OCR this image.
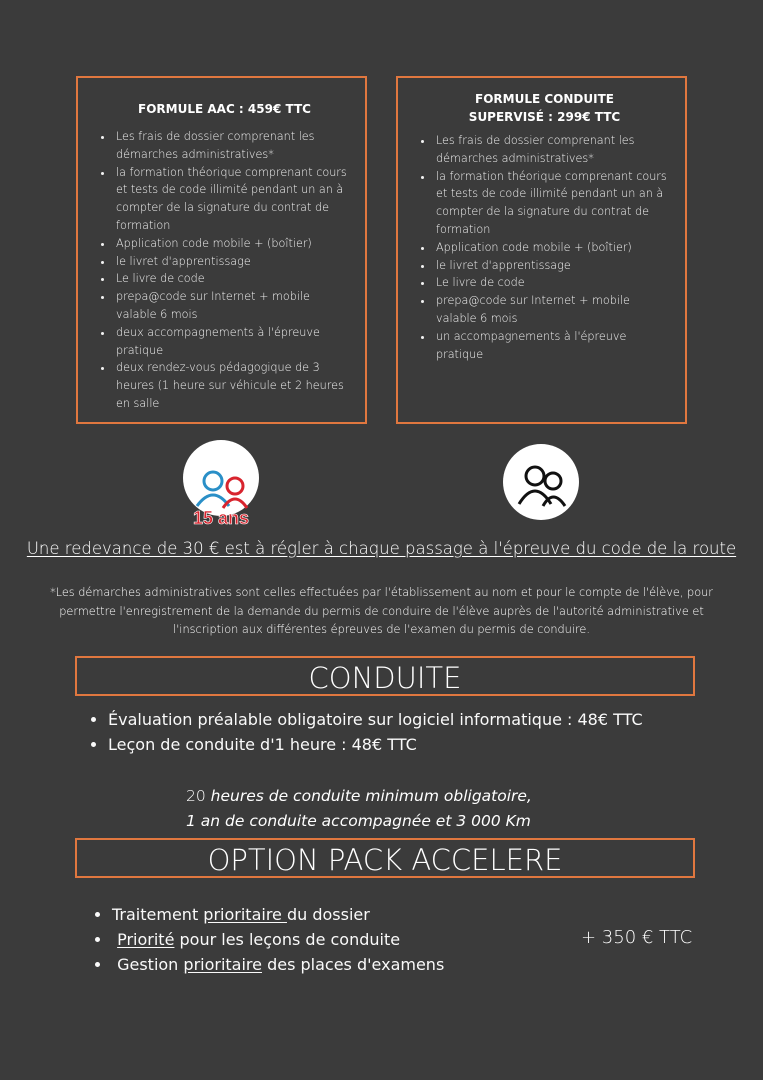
FORMULE AAC : 459€ TTC
• Les frais de dossier comprenant les démarches administratives*
• la formation théorique comprenant cours et tests de code illimité pendant un an à compter de la signature du contrat de formation
• Application code mobile + (boîtier)
• le livret d'apprentissage
• Le livre de code
• prepa@code sur Internet + mobile valable 6 mois
• deux accompagnements à l'épreuve pratique
• deux rendez-vous pédagogique de 3 heures (1 heure sur véhicule et 2 heures en salle
FORMULE CONDUITE SUPERVISÉ : 299€ TTC
• Les frais de dossier comprenant les démarches administratives*
• la formation théorique comprenant cours et tests de code illimité pendant un an à compter de la signature du contrat de formation
• Application code mobile + (boîtier)
• le livret d'apprentissage
• Le livre de code
• prepa@code sur Internet + mobile valable 6 mois
• un accompagnements à l'épreuve pratique
15 ans
Une redevance de 30 € est à régler à chaque passage à l'épreuve du code de la route
*Les démarches administratives sont celles effectuées par l'établissement au nom et pour le compte de l'élève, pour permettre l'enregistrement de la demande du permis de conduire de l'élève auprès de l'autorité administrative et l'inscription aux différentes épreuves de l'examen du permis de conduire.
CONDUITE
• Évaluation préalable obligatoire sur logiciel informatique : 48€ TTC
• Leçon de conduite d'1 heure : 48€ TTC
20 heures de conduite minimum obligatoire,
1 an de conduite accompagnée et 3 000 Km
OPTION PACK ACCELERE
• Traitement prioritaire du dossier
• Priorité pour les leçons de conduite
•  Gestion prioritaire des places d'examens
+ 350 € TTC
